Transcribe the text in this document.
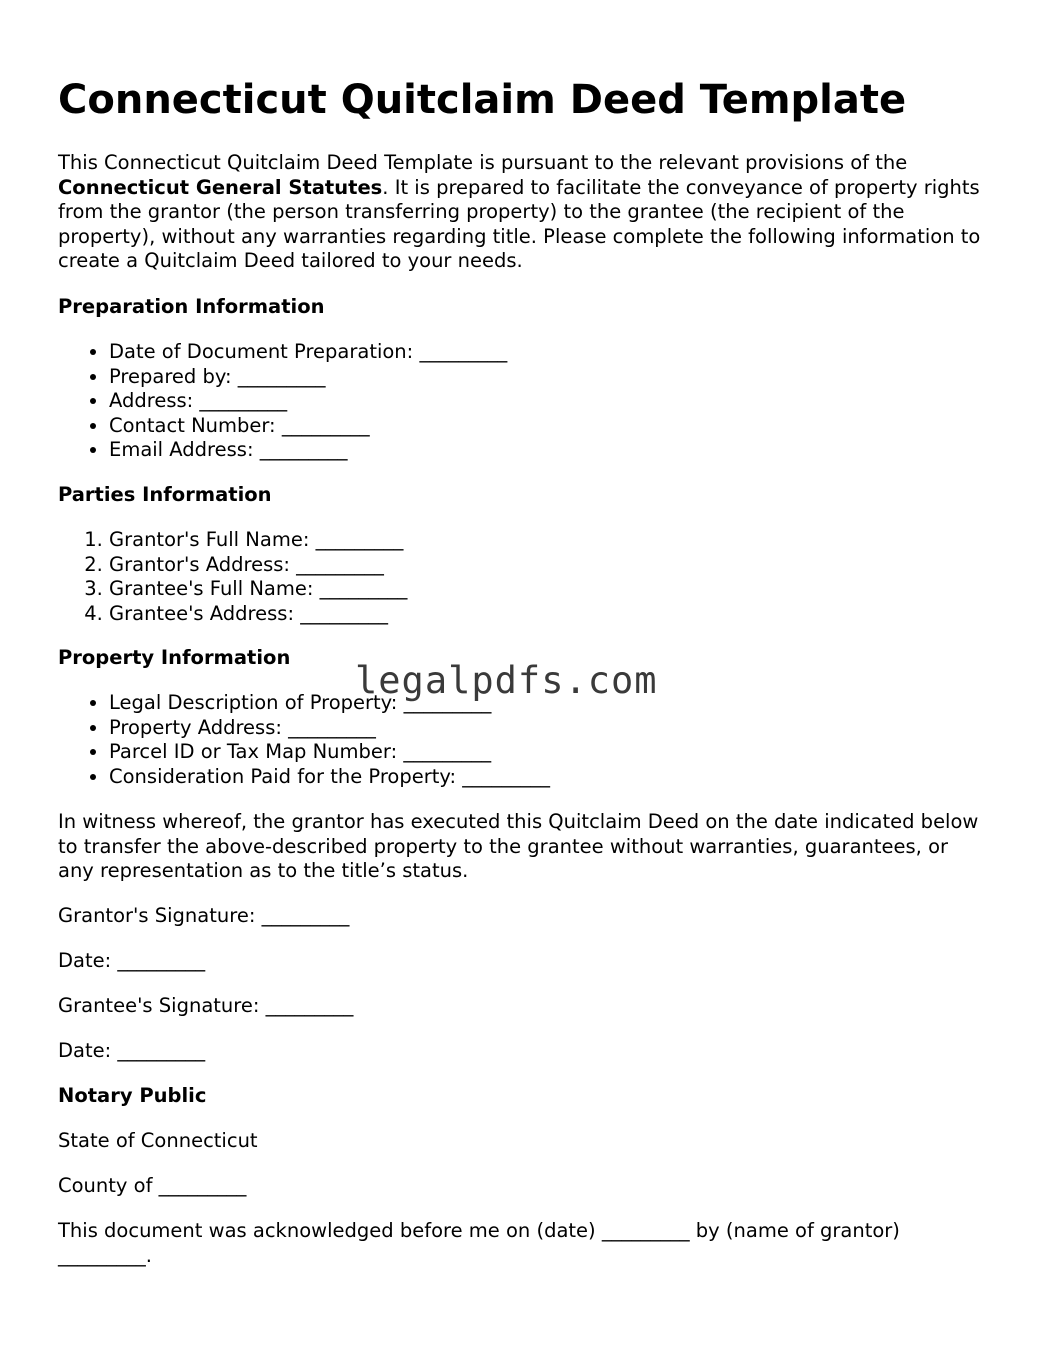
Connecticut Quitclaim Deed Template

This Connecticut Quitclaim Deed Template is pursuant to the relevant provisions of the Connecticut General Statutes. It is prepared to facilitate the conveyance of property rights from the grantor (the person transferring property) to the grantee (the recipient of the property), without any warranties regarding title. Please complete the following information to create a Quitclaim Deed tailored to your needs.

Preparation Information
• Date of Document Preparation: _________
• Prepared by: _________
• Address: _________
• Contact Number: _________
• Email Address: _________
Parties Information
1. Grantor's Full Name: _________
2. Grantor's Address: _________
3. Grantee's Full Name: _________
4. Grantee's Address: _________
Property Information
• Legal Description of Property: _________
• Property Address: _________
• Parcel ID or Tax Map Number: _________
• Consideration Paid for the Property: _________

In witness whereof, the grantor has executed this Quitclaim Deed on the date indicated below to transfer the above-described property to the grantee without warranties, guarantees, or any representation as to the title’s status.

Grantor's Signature: _________

Date: _________

Grantee's Signature: _________

Date: _________

Notary Public

State of Connecticut

County of _________

This document was acknowledged before me on (date) _________ by (name of grantor) _________.

legalpdfs.com
